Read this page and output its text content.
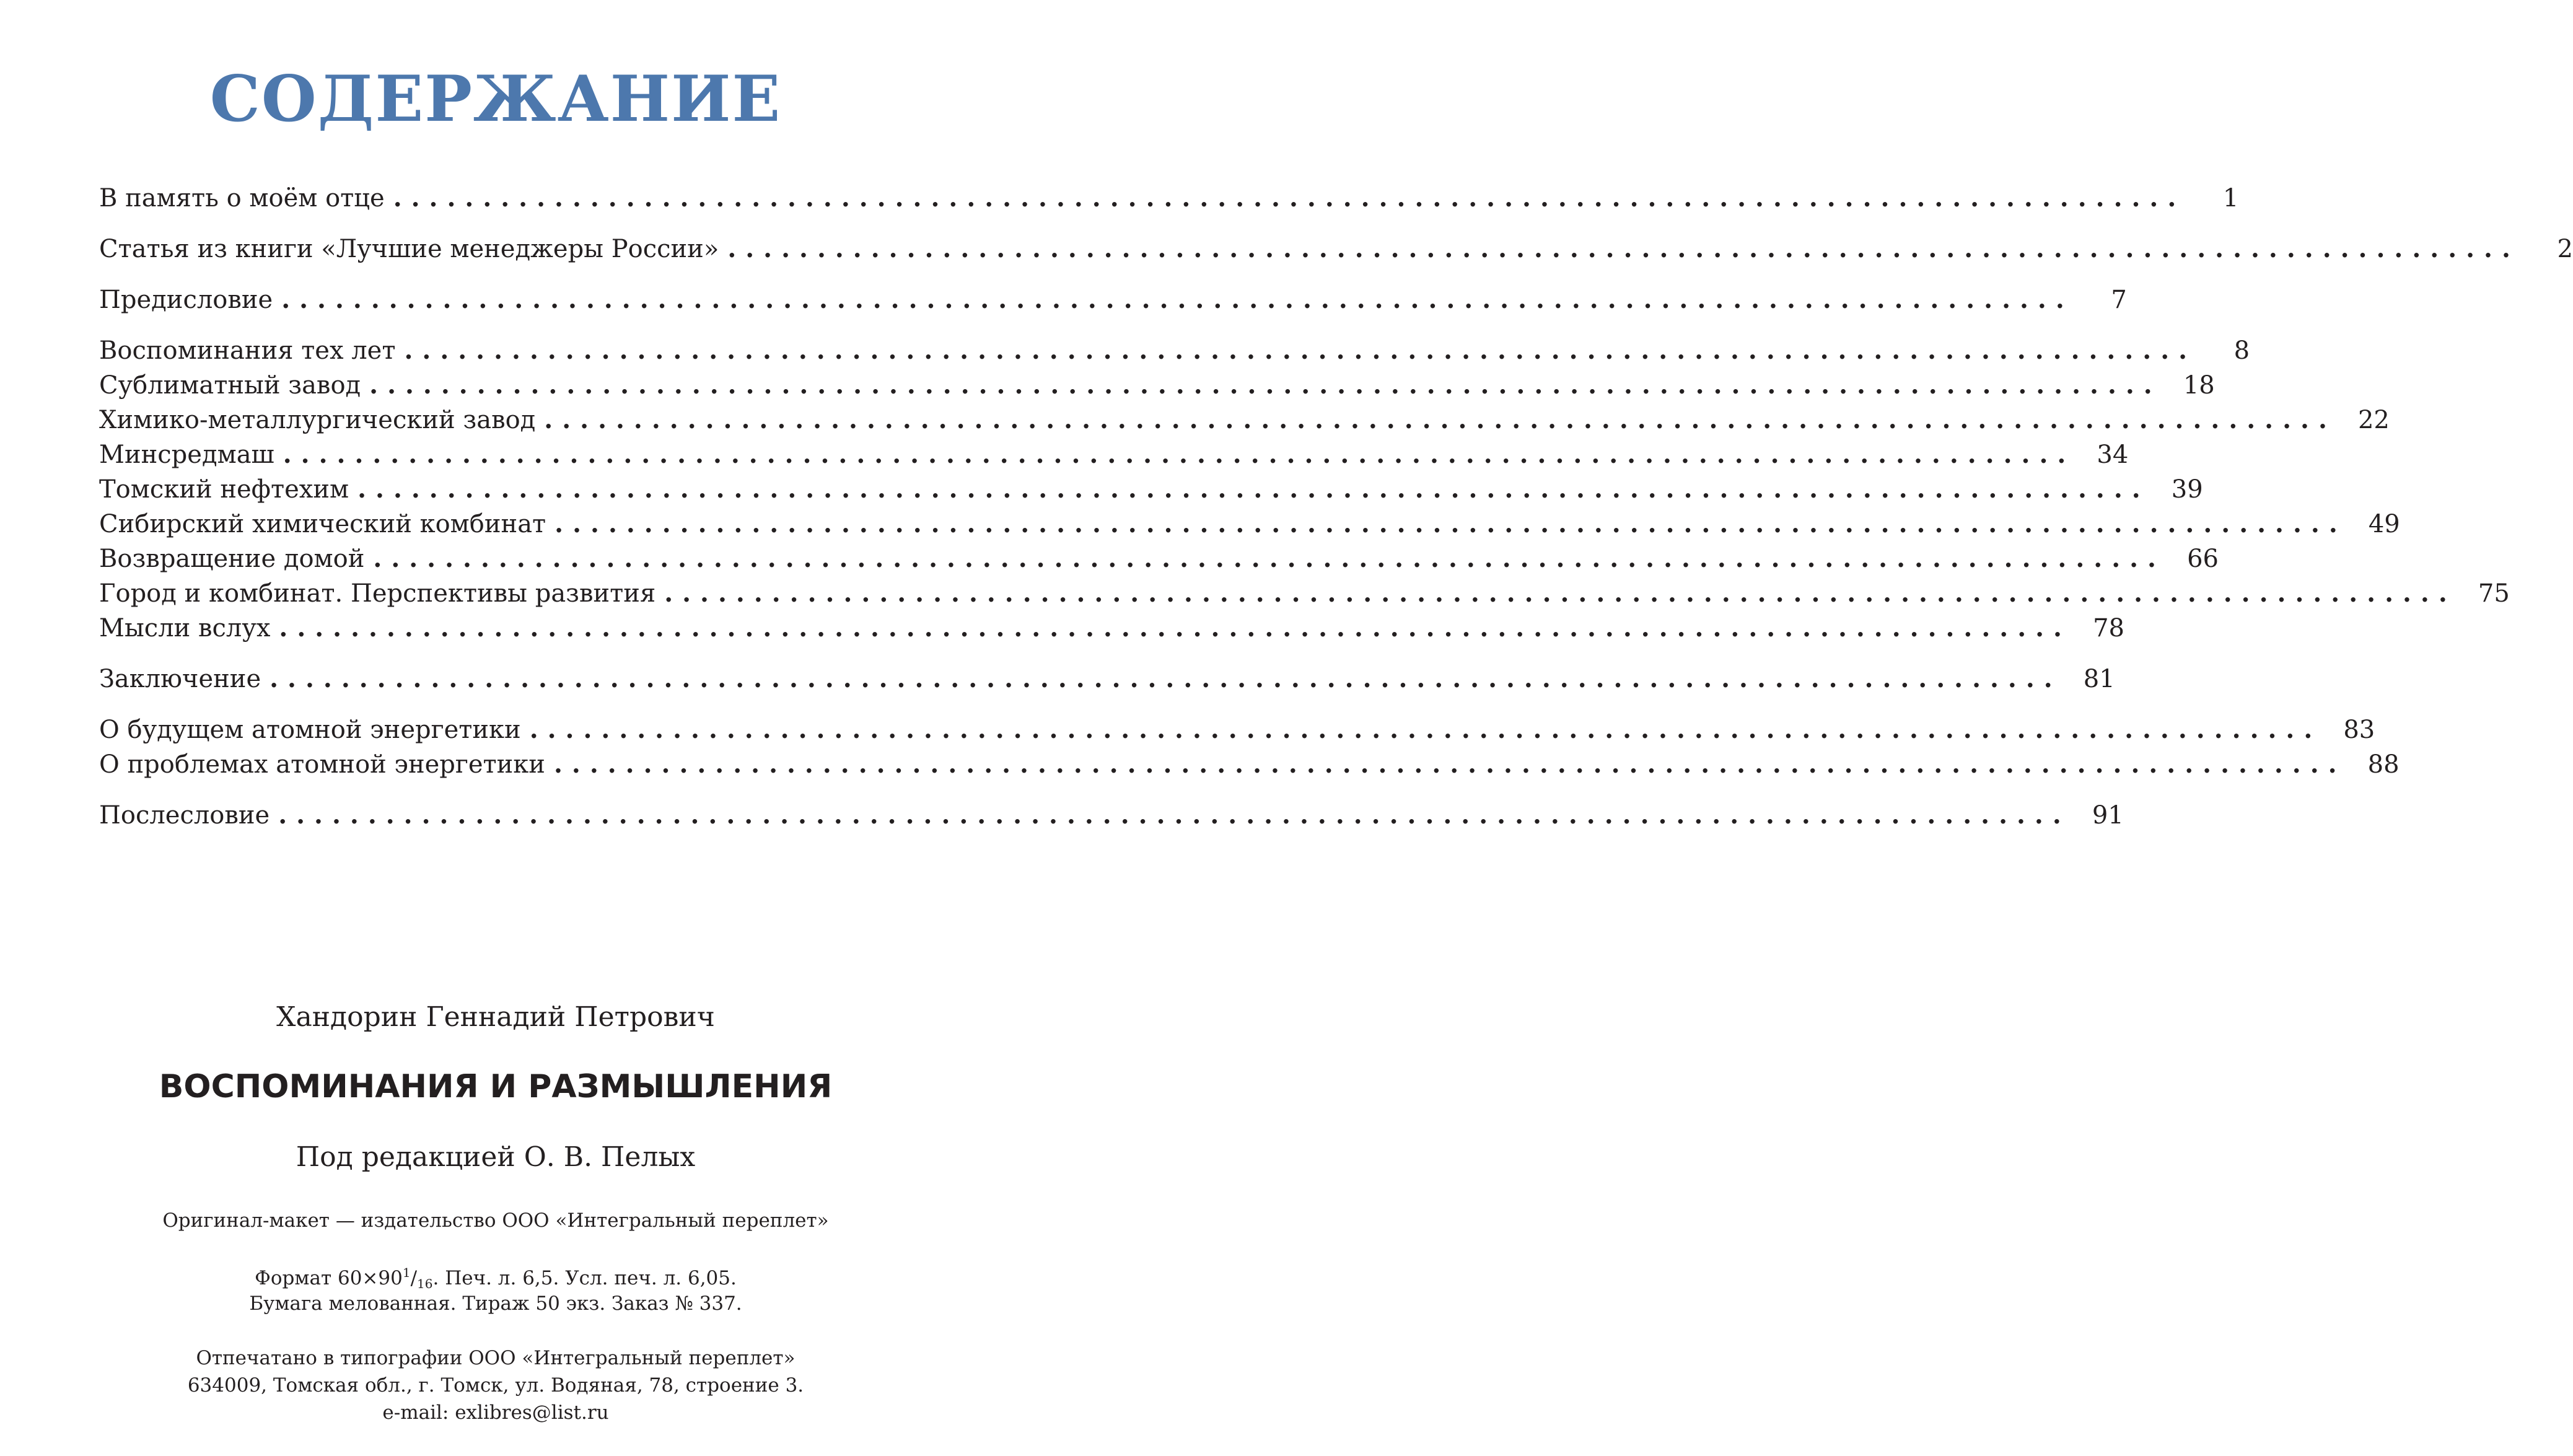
СОДЕРЖАНИЕ
В память о моём отце ....................................................................................................	1
Статья из книги «Лучшие менеджеры России» ....................................................................................................	2
Предисловие ....................................................................................................	7
Воспоминания тех лет ....................................................................................................	8
Сублиматный завод .................................................................................................... 18
Химико-металлургический завод .................................................................................................... 22
Минсредмаш .................................................................................................... 34
Томский нефтехим .................................................................................................... 39
Сибирский химический комбинат .................................................................................................... 49
Возвращение домой .................................................................................................... 66
Город и комбинат. Перспективы развития .................................................................................................... 75
Мысли вслух .................................................................................................... 78
Заключение .................................................................................................... 81
О будущем атомной энергетики .................................................................................................... 83
О проблемах атомной энергетики .................................................................................................... 88
Послесловие .................................................................................................... 91
Хандорин Геннадий Петрович
ВОСПОМИНАНИЯ И РАЗМЫШЛЕНИЯ
Под редакцией О. В. Пелых
Оригинал-макет — издательство ООО «Интегральный переплет»
Формат $60\times 90^1/_{16}$. Печ. л. 6,5. Усл. печ. л. 6,05.
Бумага мелованная. Тираж 50 экз. Заказ № 337.
Отпечатано в типографии ООО «Интегральный переплет»
634009, Томская обл., г. Томск, ул. Водяная, 78, строение 3.
e-mail: exlibres@list.ru
